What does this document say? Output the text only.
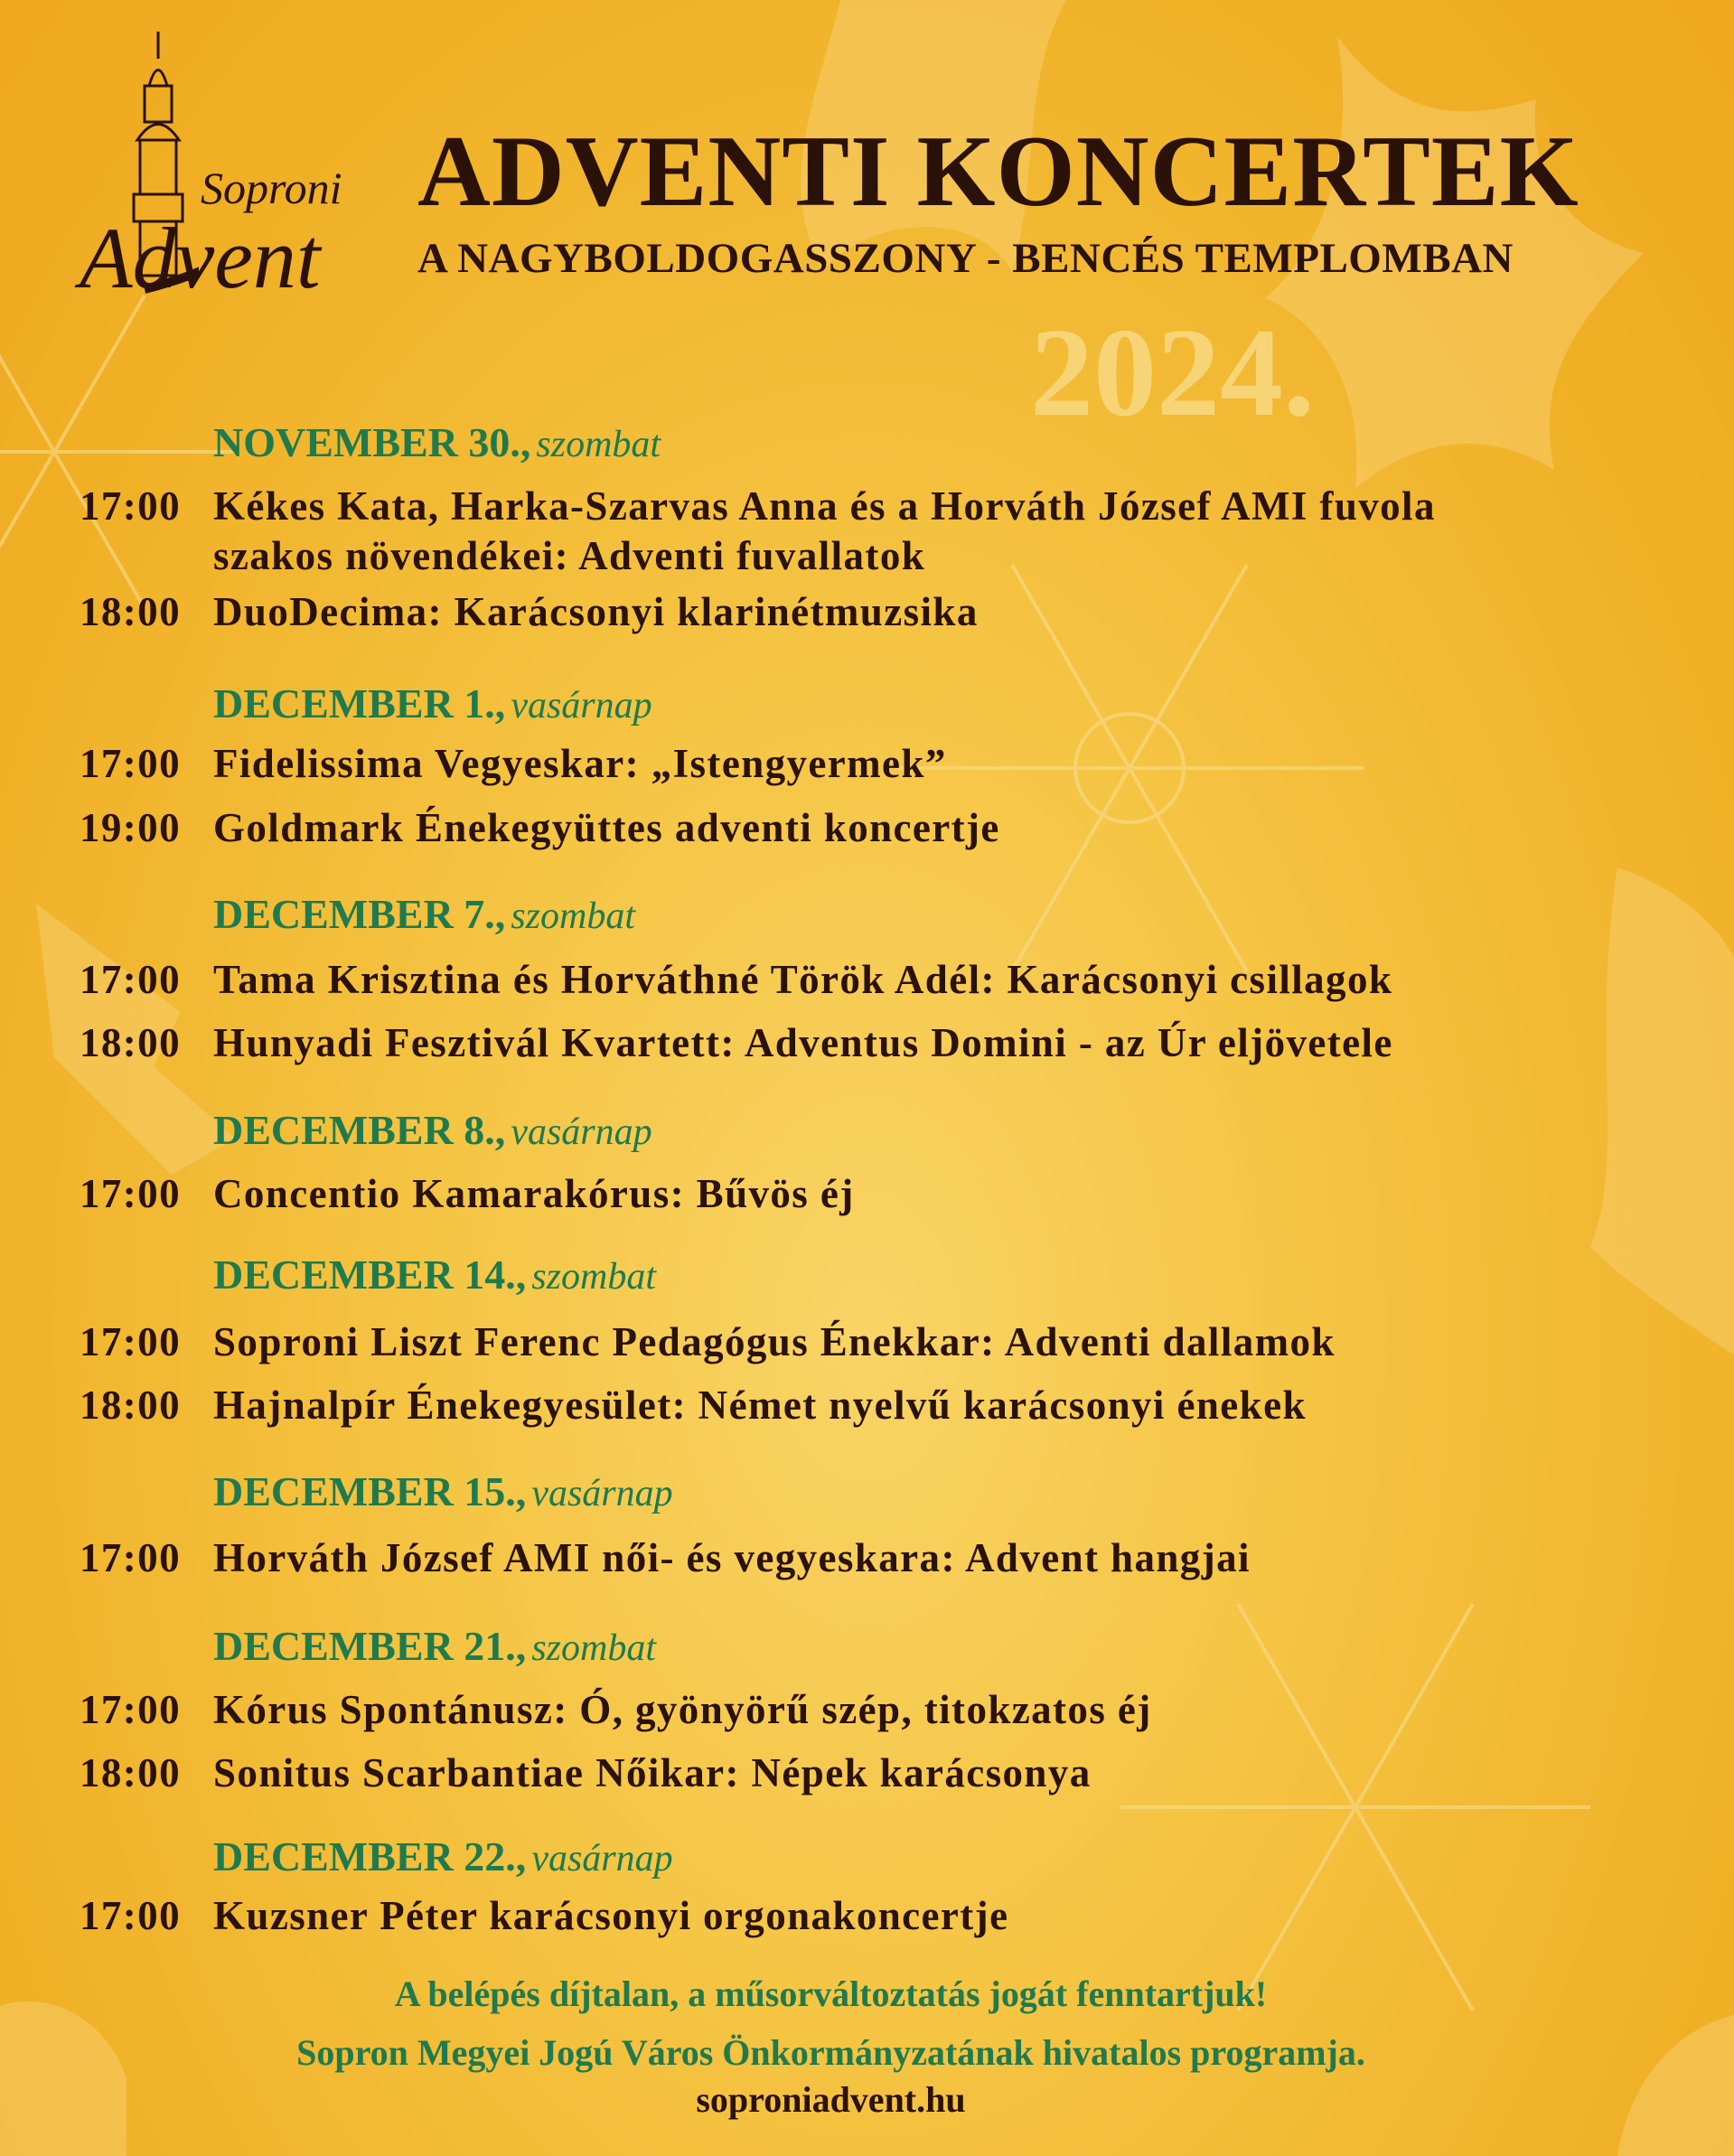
Soproni
Advent
ADVENTI KONCERTEK
A NAGYBOLDOGASSZONY - BENCÉS TEMPLOMBAN
2024.
NOVEMBER 30., szombat
17:00 Kékes Kata, Harka-Szarvas Anna és a Horváth József AMI fuvola
szakos növendékei: Adventi fuvallatok
18:00 DuoDecima: Karácsonyi klarinétmuzsika
DECEMBER 1., vasárnap
17:00 Fidelissima Vegyeskar: „Istengyermek”
19:00 Goldmark Énekegyüttes adventi koncertje
DECEMBER 7., szombat
17:00 Tama Krisztina és Horváthné Török Adél: Karácsonyi csillagok
18:00 Hunyadi Fesztivál Kvartett: Adventus Domini - az Úr eljövetele
DECEMBER 8., vasárnap
17:00 Concentio Kamarakórus: Bűvös éj
DECEMBER 14., szombat
17:00 Soproni Liszt Ferenc Pedagógus Énekkar: Adventi dallamok
18:00 Hajnalpír Énekegyesület: Német nyelvű karácsonyi énekek
DECEMBER 15., vasárnap
17:00 Horváth József AMI női- és vegyeskara: Advent hangjai
DECEMBER 21., szombat
17:00 Kórus Spontánusz: Ó, gyönyörű szép, titokzatos éj
18:00 Sonitus Scarbantiae Nőikar: Népek karácsonya
DECEMBER 22., vasárnap
17:00 Kuzsner Péter karácsonyi orgonakoncertje
A belépés díjtalan, a műsorváltoztatás jogát fenntartjuk!
Sopron Megyei Jogú Város Önkormányzatának hivatalos programja.
soproniadvent.hu
